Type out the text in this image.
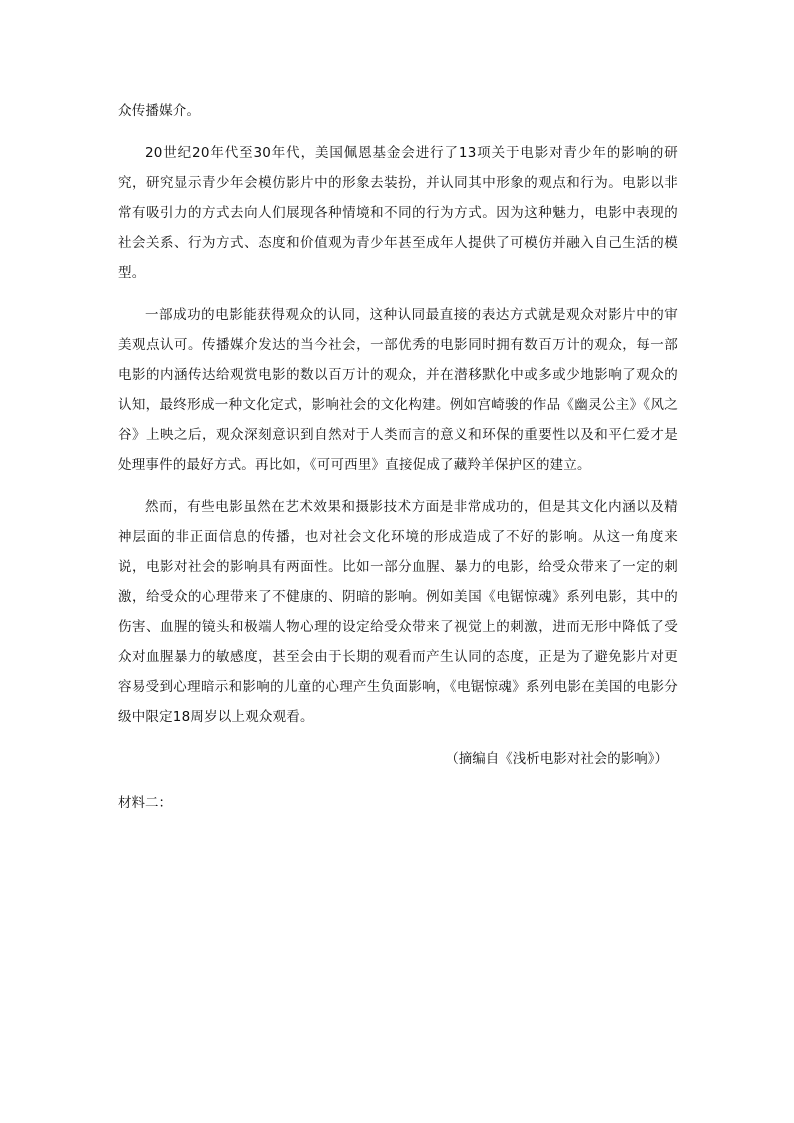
众传播媒介。

20世纪20年代至30年代，美国佩恩基金会进行了13项关于电影对青少年的影响的研究，研究显示青少年会模仿影片中的形象去装扮，并认同其中形象的观点和行为。电影以非常有吸引力的方式去向人们展现各种情境和不同的行为方式。因为这种魅力，电影中表现的社会关系、行为方式、态度和价值观为青少年甚至成年人提供了可模仿并融入自己生活的模型。

一部成功的电影能获得观众的认同，这种认同最直接的表达方式就是观众对影片中的审美观点认可。传播媒介发达的当今社会，一部优秀的电影同时拥有数百万计的观众，每一部电影的内涵传达给观赏电影的数以百万计的观众，并在潜移默化中或多或少地影响了观众的认知，最终形成一种文化定式，影响社会的文化构建。例如宫崎骏的作品《幽灵公主》《风之谷》上映之后，观众深刻意识到自然对于人类而言的意义和环保的重要性以及和平仁爱才是处理事件的最好方式。再比如，《可可西里》直接促成了藏羚羊保护区的建立。

然而，有些电影虽然在艺术效果和摄影技术方面是非常成功的，但是其文化内涵以及精神层面的非正面信息的传播，也对社会文化环境的形成造成了不好的影响。从这一角度来说，电影对社会的影响具有两面性。比如一部分血腥、暴力的电影，给受众带来了一定的刺激，给受众的心理带来了不健康的、阴暗的影响。例如美国《电锯惊魂》系列电影，其中的伤害、血腥的镜头和极端人物心理的设定给受众带来了视觉上的刺激，进而无形中降低了受众对血腥暴力的敏感度，甚至会由于长期的观看而产生认同的态度，正是为了避免影片对更容易受到心理暗示和影响的儿童的心理产生负面影响，《电锯惊魂》系列电影在美国的电影分级中限定18周岁以上观众观看。

（摘编自《浅析电影对社会的影响》）
材料二：
